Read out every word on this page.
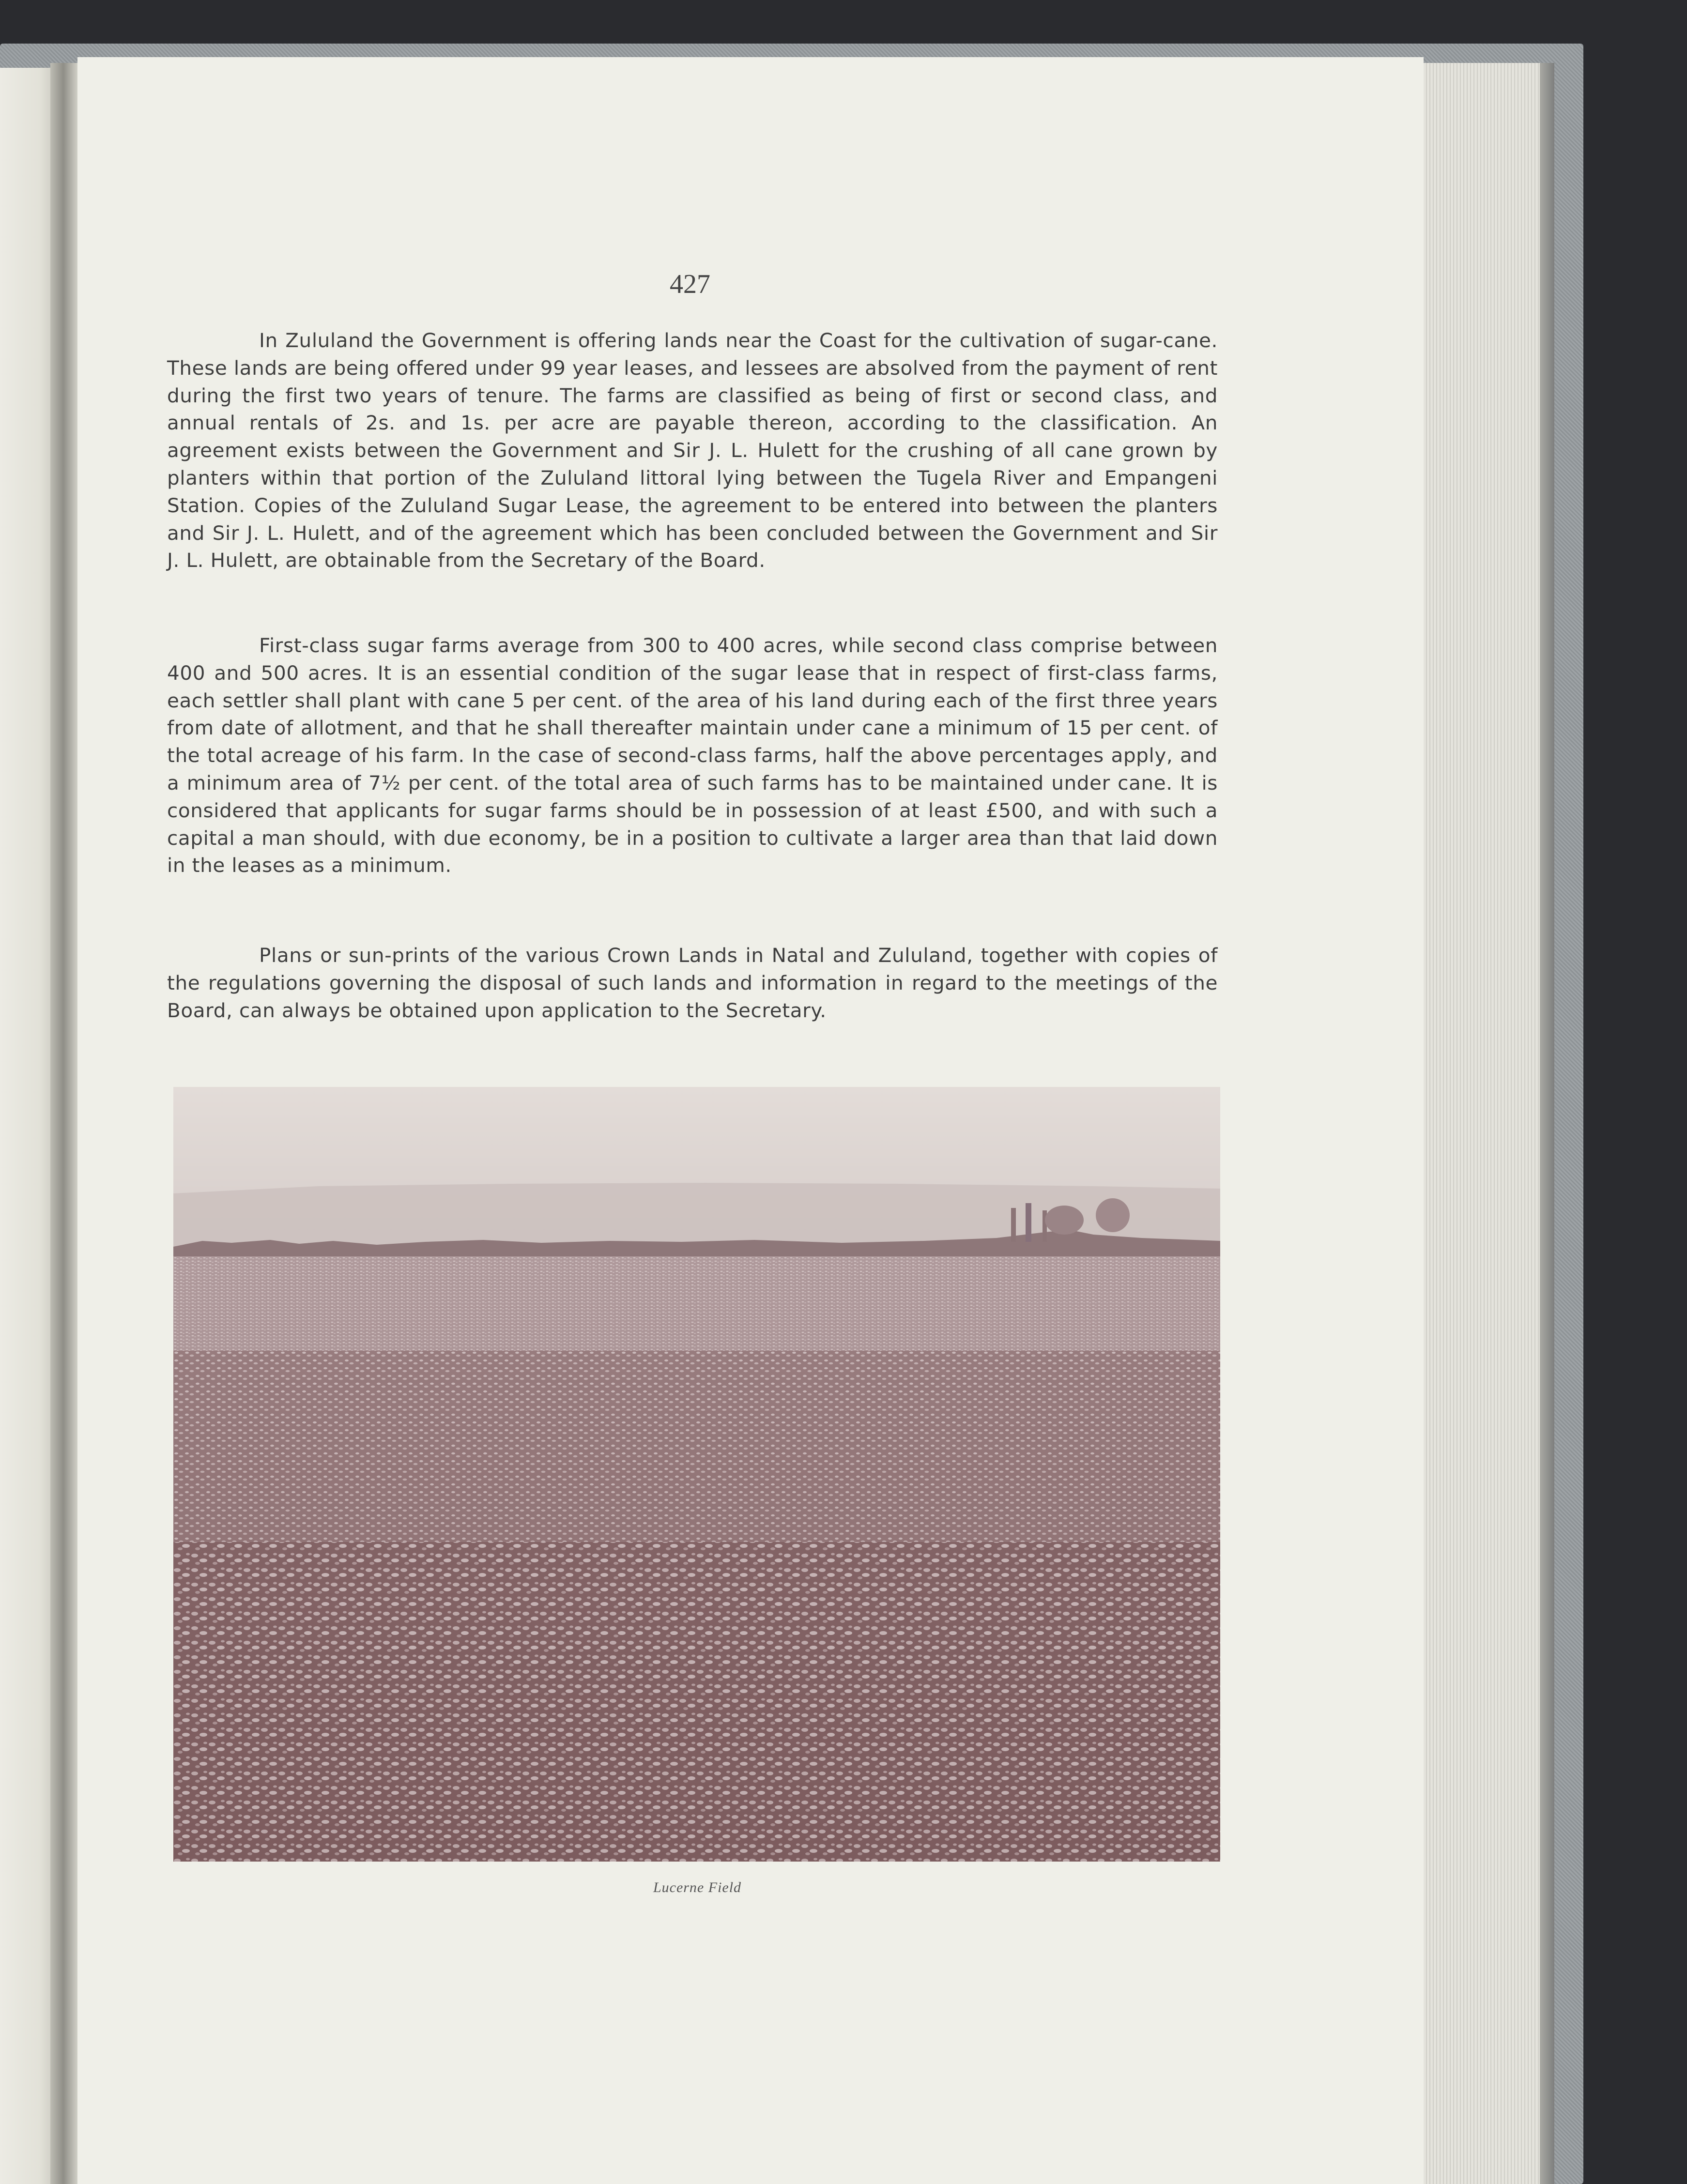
427

In Zululand the Government is offering lands near the Coast for the cultivation of sugar-cane. These lands are being offered under 99 year leases, and lessees are absolved from the payment of rent during the first two years of tenure. The farms are classified as being of first or second class, and annual rentals of 2s. and 1s. per acre are payable thereon, according to the classification. An agreement exists between the Government and Sir J. L. Hulett for the crushing of all cane grown by planters within that portion of the Zululand littoral lying between the Tugela River and Empangeni Station. Copies of the Zululand Sugar Lease, the agreement to be entered into between the planters and Sir J. L. Hulett, and of the agreement which has been concluded between the Government and Sir J. L. Hulett, are obtainable from the Secretary of the Board.

First-class sugar farms average from 300 to 400 acres, while second class comprise between 400 and 500 acres. It is an essential condition of the sugar lease that in respect of first-class farms, each settler shall plant with cane 5 per cent. of the area of his land during each of the first three years from date of allotment, and that he shall thereafter maintain under cane a minimum of 15 per cent. of the total acreage of his farm. In the case of second-class farms, half the above percentages apply, and a minimum area of 7½ per cent. of the total area of such farms has to be maintained under cane. It is considered that applicants for sugar farms should be in possession of at least £500, and with such a capital a man should, with due economy, be in a position to cultivate a larger area than that laid down in the leases as a minimum.

Plans or sun-prints of the various Crown Lands in Natal and Zululand, together with copies of the regulations governing the disposal of such lands and information in regard to the meetings of the Board, can always be obtained upon application to the Secretary.

Lucerne Field
